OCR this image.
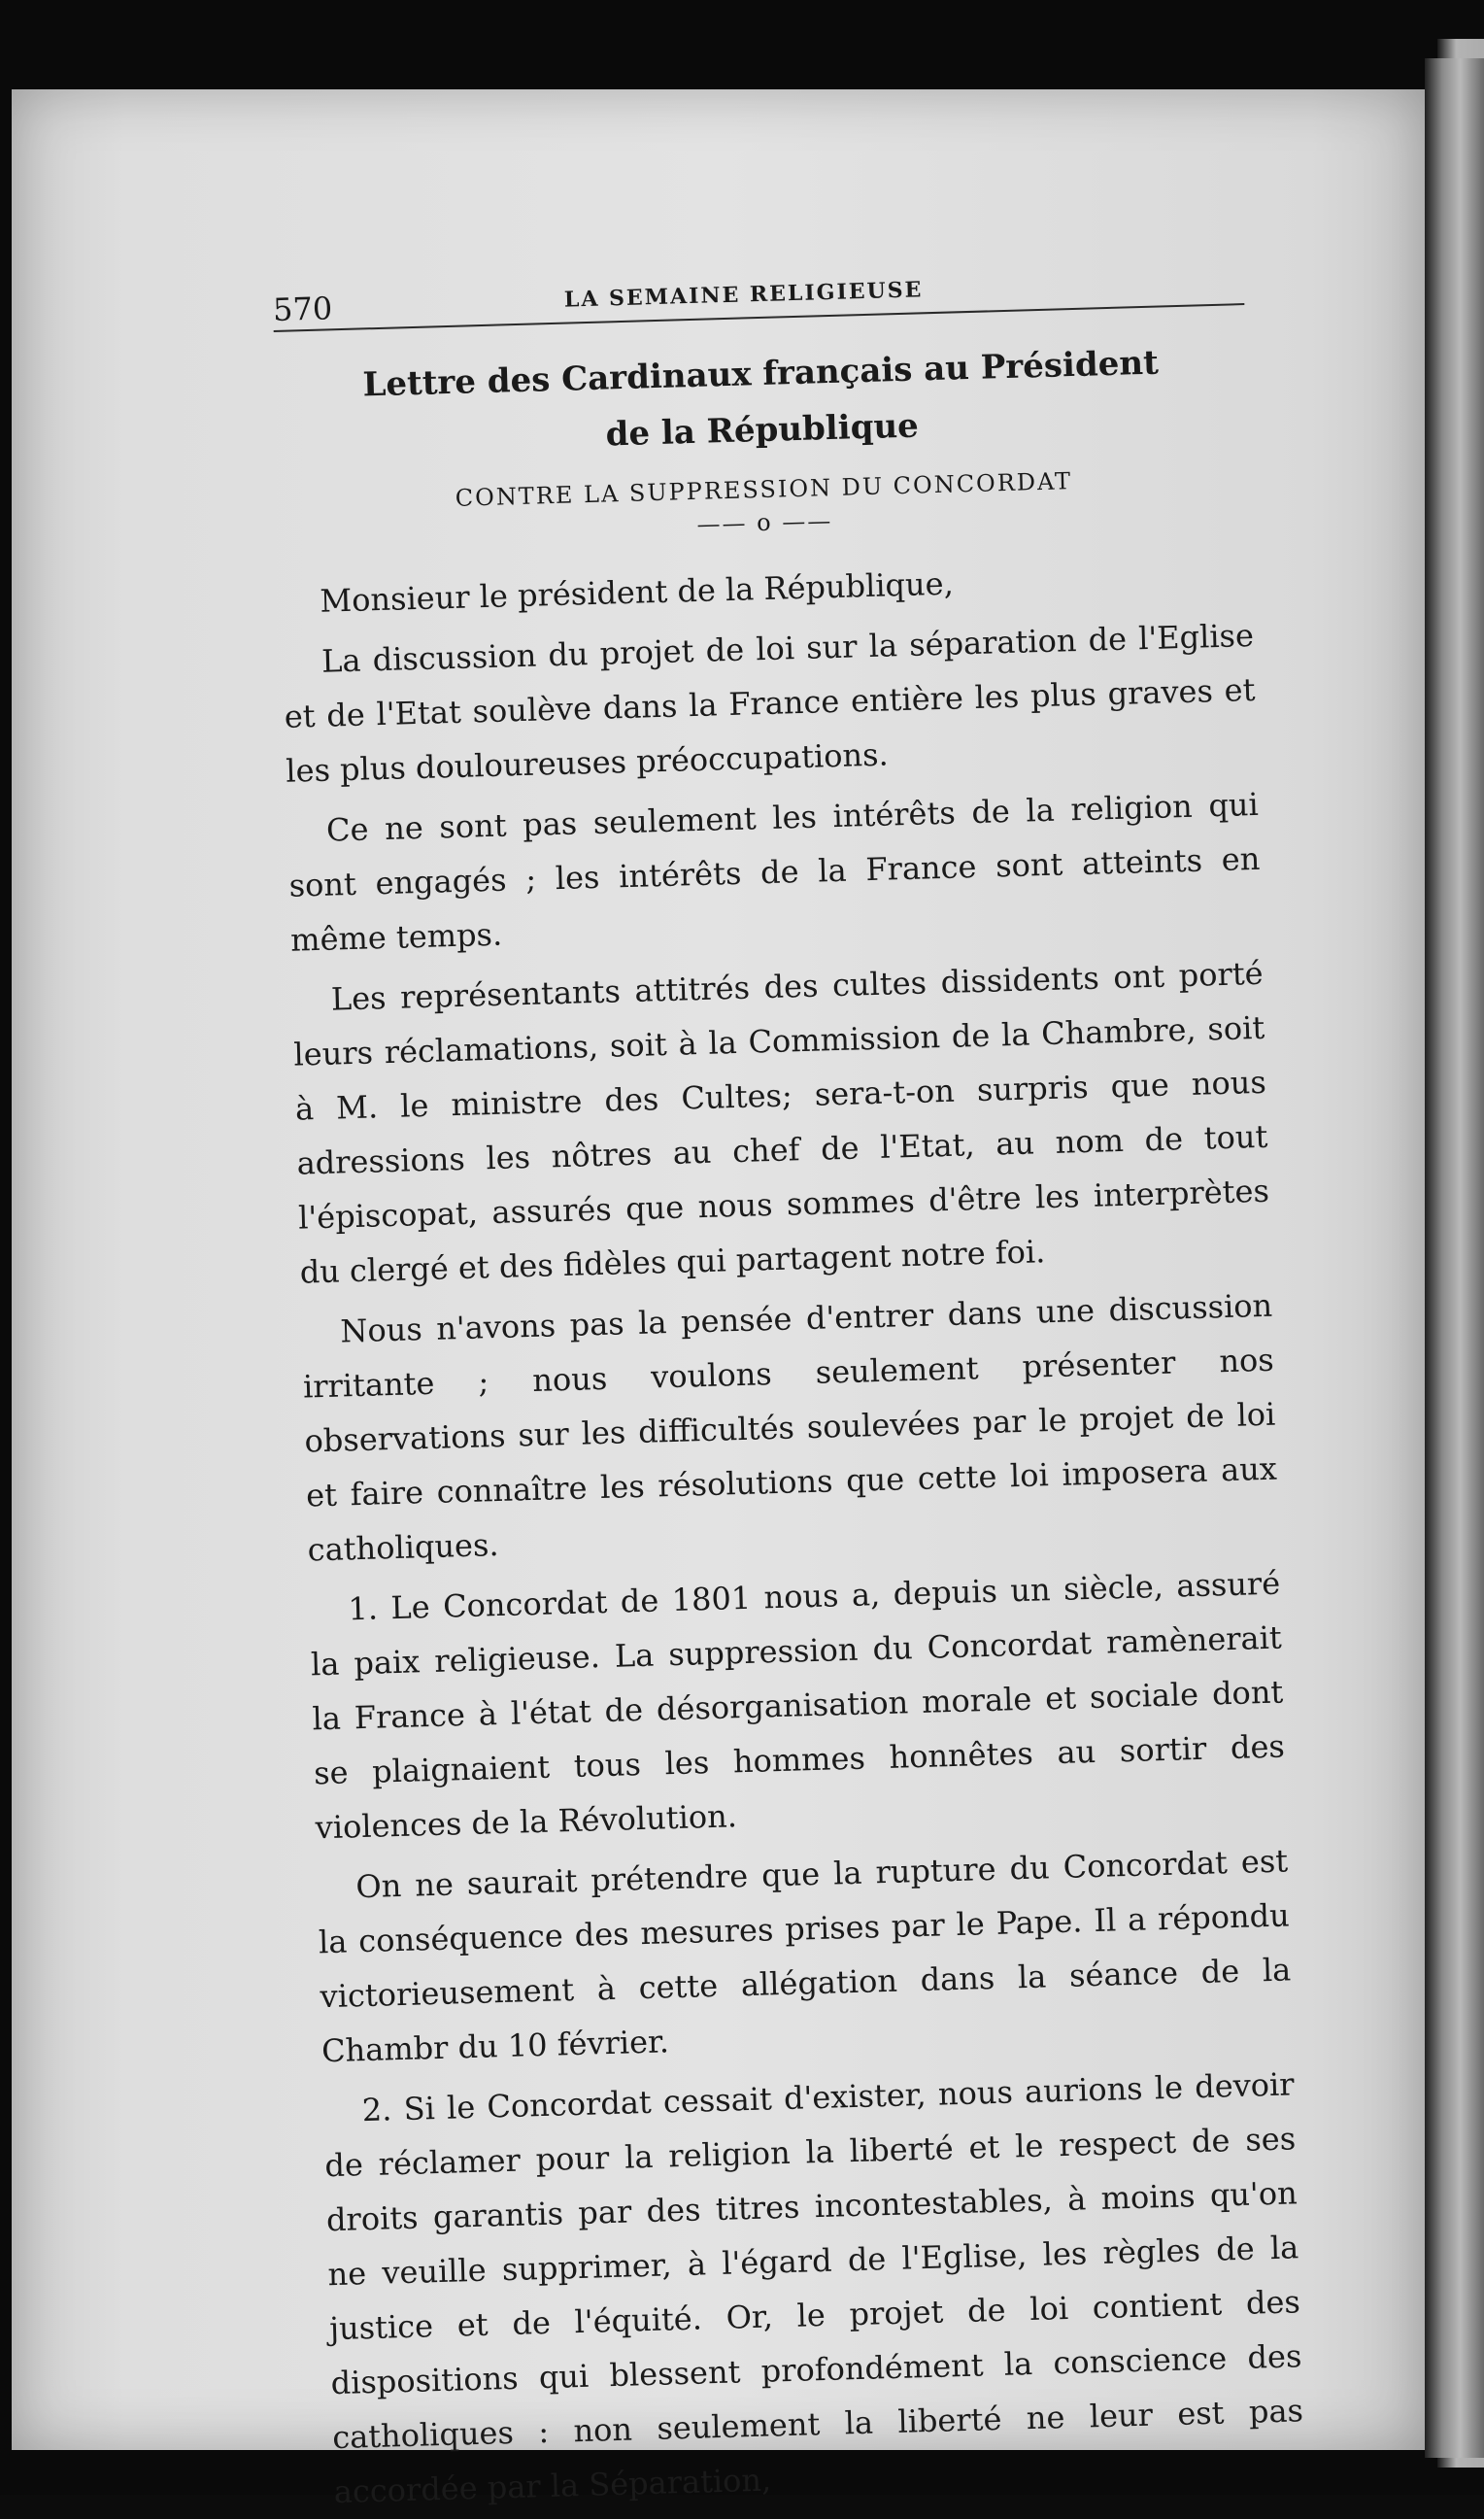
570	LA SEMAINE RELIGIEUSE
Lettre des Cardinaux français au Président
de la République
CONTRE LA SUPPRESSION DU CONCORDAT
—— o ——
Monsieur le président de la République,

La discussion du projet de loi sur la séparation de l'Eglise et de l'Etat soulève dans la France entière les plus graves et les plus douloureuses préoccupations.

Ce ne sont pas seulement les intérêts de la religion qui sont engagés ; les intérêts de la France sont atteints en même temps.

Les représentants attitrés des cultes dissidents ont porté leurs réclamations, soit à la Commission de la Chambre, soit à M. le ministre des Cultes; sera-t-on surpris que nous adressions les nôtres au chef de l'Etat, au nom de tout l'épiscopat, assurés que nous sommes d'être les interprètes du clergé et des fidèles qui partagent notre foi.

Nous n'avons pas la pensée d'entrer dans une discussion irritante ; nous voulons seulement présenter nos observations sur les difficultés soulevées par le projet de loi et faire connaître les résolutions que cette loi imposera aux catholiques.

1. Le Concordat de 1801 nous a, depuis un siècle, assuré la paix religieuse. La suppression du Concordat ramènerait la France à l'état de désorganisation morale et sociale dont se plaignaient tous les hommes honnêtes au sortir des violences de la Révolution.

On ne saurait prétendre que la rupture du Concordat est la conséquence des mesures prises par le Pape. Il a répondu victorieusement à cette allégation dans la séance de la Chambr du 10 février.

2. Si le Concordat cessait d'exister, nous aurions le devoir de réclamer pour la religion la liberté et le respect de ses droits garantis par des titres incontestables, à moins qu'on ne veuille supprimer, à l'égard de l'Eglise, les règles de la justice et de l'équité. Or, le projet de loi contient des dispositions qui blessent profondément la conscience des catholiques : non seulement la liberté ne leur est pas accordée par la Séparation,
